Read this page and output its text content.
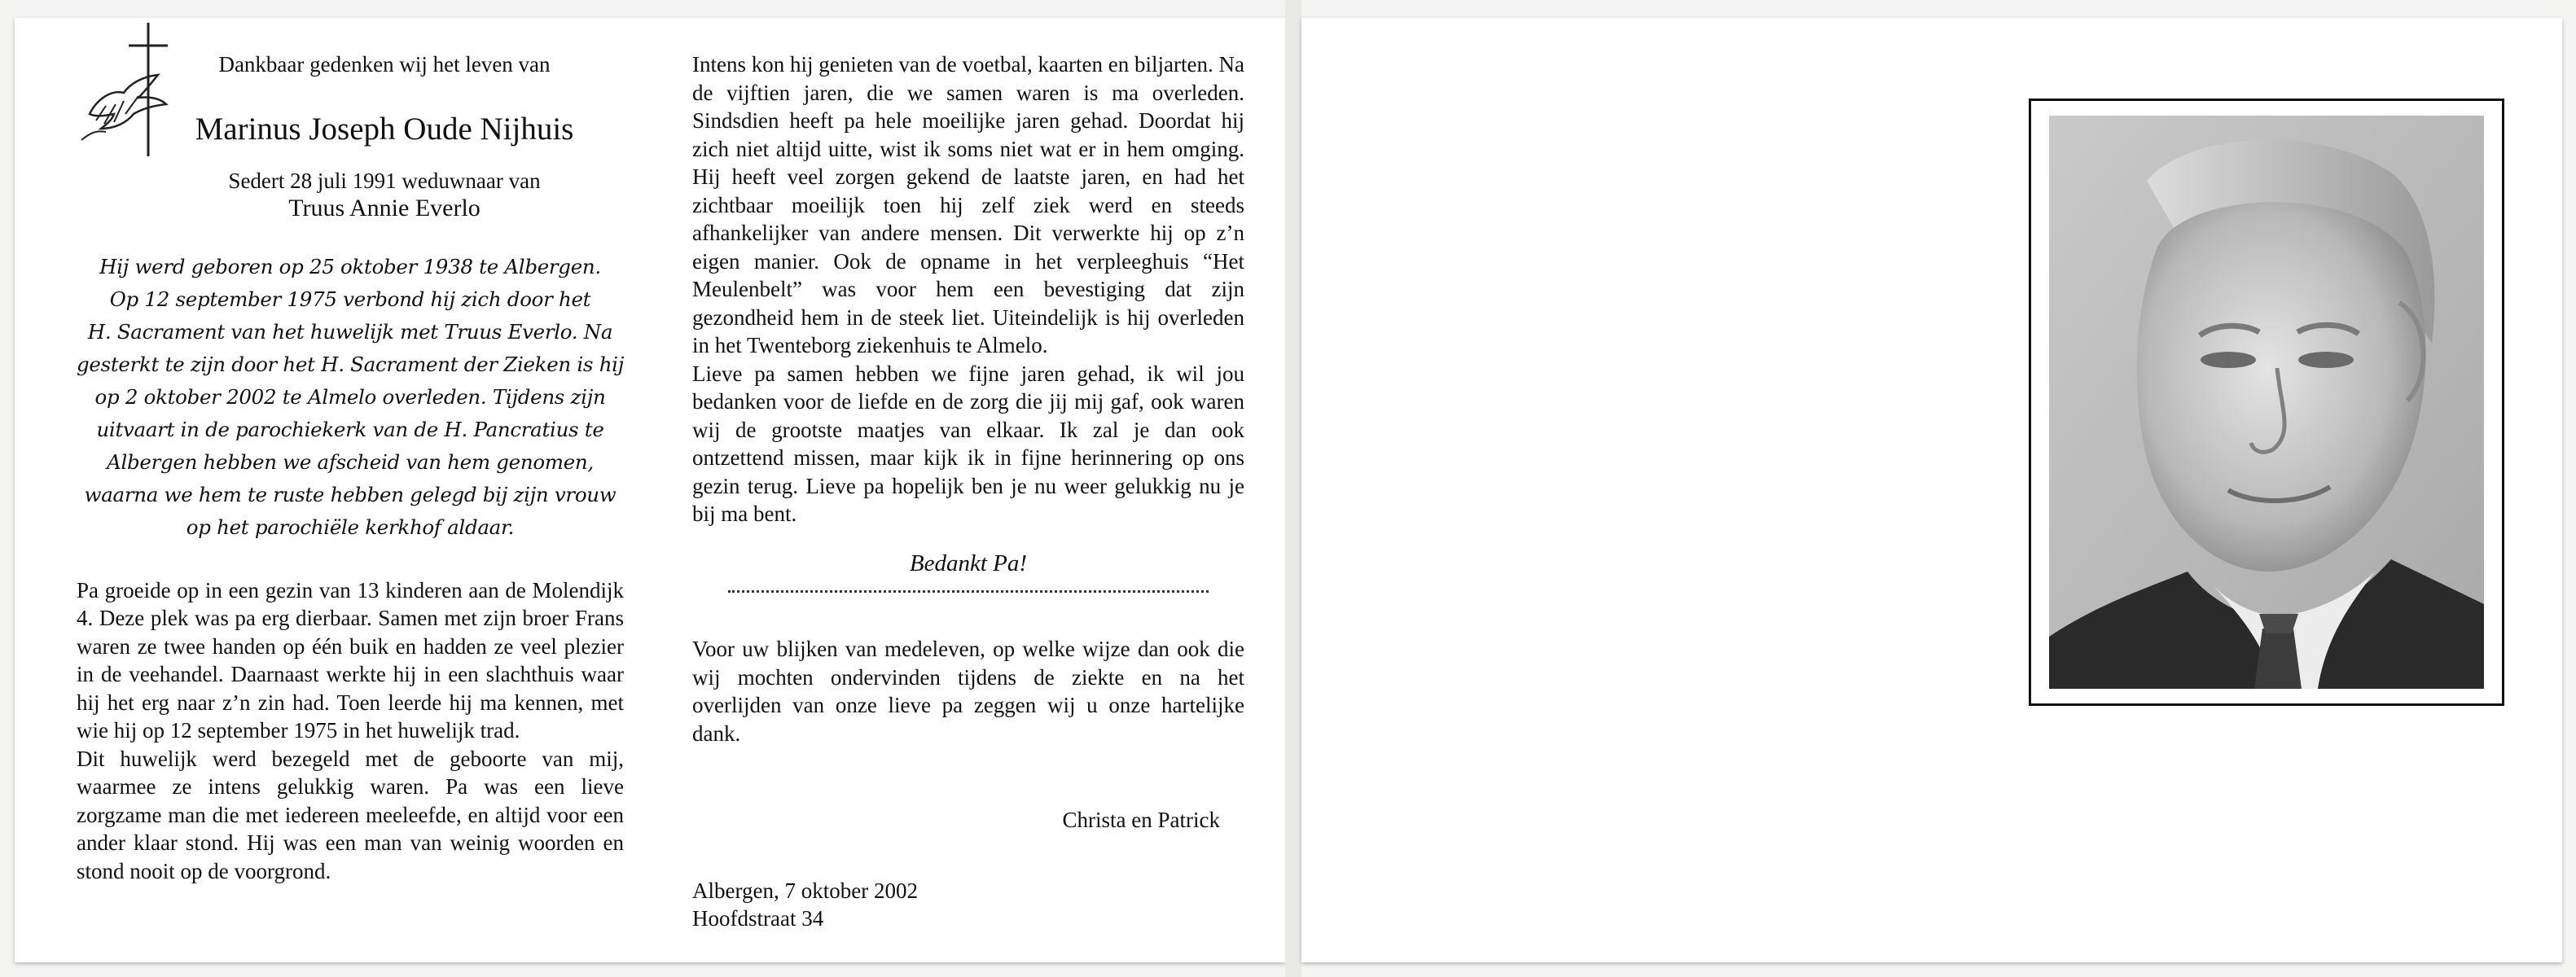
Dankbaar gedenken wij het leven van
Marinus Joseph Oude Nijhuis
Sedert 28 juli 1991 weduwnaar van
Truus Annie Everlo
Hij werd geboren op 25 oktober 1938 te Albergen.
Op 12 september 1975 verbond hij zich door het
H. Sacrament van het huwelijk met Truus Everlo. Na
gesterkt te zijn door het H. Sacrament der Zieken is hij
op 2 oktober 2002 te Almelo overleden. Tijdens zijn
uitvaart in de parochiekerk van de H. Pancratius te
Albergen hebben we afscheid van hem genomen,
waarna we hem te ruste hebben gelegd bij zijn vrouw
op het parochiële kerkhof aldaar.

Pa groeide op in een gezin van 13 kinderen aan de Molendijk 4. Deze plek was pa erg dierbaar. Samen met zijn broer Frans waren ze twee handen op één buik en hadden ze veel plezier in de veehandel. Daarnaast werkte hij in een slachthuis waar hij het erg naar z’n zin had. Toen leerde hij ma kennen, met wie hij op 12 september 1975 in het huwelijk trad.

Dit huwelijk werd bezegeld met de geboorte van mij, waarmee ze intens gelukkig waren. Pa was een lieve zorgzame man die met iedereen meeleefde, en altijd voor een ander klaar stond. Hij was een man van weinig woorden en stond nooit op de voorgrond.

Intens kon hij genieten van de voetbal, kaarten en biljarten. Na de vijftien jaren, die we samen waren is ma overleden. Sindsdien heeft pa hele moeilijke jaren gehad. Doordat hij zich niet altijd uitte, wist ik soms niet wat er in hem omging. Hij heeft veel zorgen gekend de laatste jaren, en had het zichtbaar moeilijk toen hij zelf ziek werd en steeds afhankelijker van andere mensen. Dit verwerkte hij op z’n eigen manier. Ook de opname in het verpleeghuis “Het Meulenbelt” was voor hem een bevestiging dat zijn gezondheid hem in de steek liet. Uiteindelijk is hij overleden in het Twenteborg ziekenhuis te Almelo.

Lieve pa samen hebben we fijne jaren gehad, ik wil jou bedanken voor de liefde en de zorg die jij mij gaf, ook waren wij de grootste maatjes van elkaar. Ik zal je dan ook ontzettend missen, maar kijk ik in fijne herinnering op ons gezin terug. Lieve pa hopelijk ben je nu weer gelukkig nu je bij ma bent.

Bedankt Pa!

Voor uw blijken van medeleven, op welke wijze dan ook die wij mochten ondervinden tijdens de ziekte en na het overlijden van onze lieve pa zeggen wij u onze hartelijke dank.

Christa en Patrick
Albergen, 7 oktober 2002
Hoofdstraat 34
